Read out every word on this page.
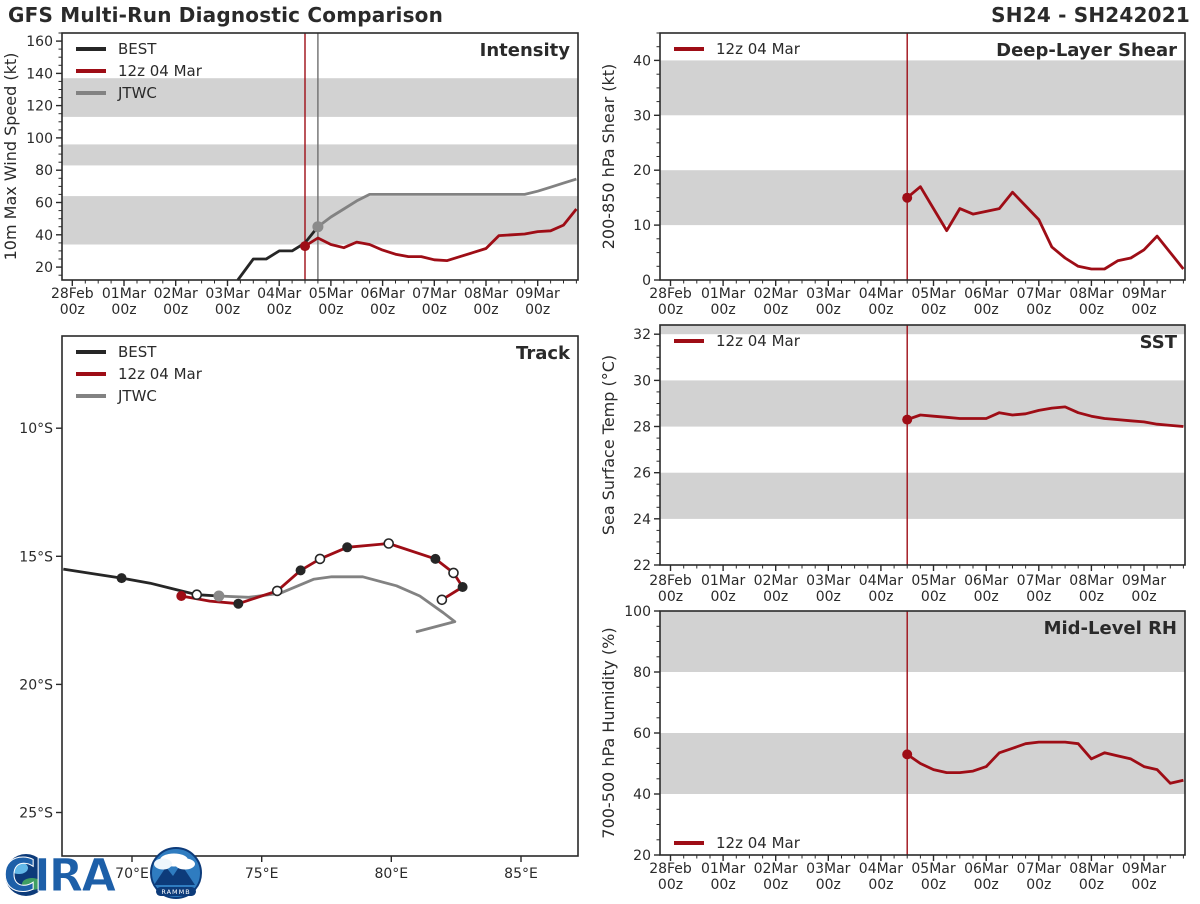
GFS Multi-Run Diagnostic Comparison	SH24 - SH242021
28Feb
00z
01Mar
00z
02Mar
00z
03Mar
00z
04Mar
00z
05Mar
00z
06Mar
00z
07Mar
00z
08Mar
00z
09Mar
00z
20
40
60
80
100
120
140
160	Intensity
10m Max Wind Speed (kt)
BEST
12z 04 Mar
JTWC
28Feb
00z
01Mar
00z
02Mar
00z
03Mar
00z
04Mar
00z
05Mar
00z
06Mar
00z
07Mar
00z
08Mar
00z
09Mar
00z
0
10
20
30
40
Deep-Layer Shear
200-850 hPa Shear (kt)
12z 04 Mar
28Feb
00z
01Mar
00z
02Mar
00z
03Mar
00z
04Mar
00z
05Mar
00z
06Mar
00z
07Mar
00z
08Mar
00z
09Mar
00z
22
24
26
28
30
32	SST
Sea Surface Temp (°C)
12z 04 Mar
28Feb
00z
01Mar
00z
02Mar
00z
03Mar
00z
04Mar
00z
05Mar
00z
06Mar
00z
07Mar
00z
08Mar
00z
09Mar
00z
20
40
60
80
100
Mid-Level RH
700-500 hPa Humidity (%)
12z 04 Mar
70°E	75°E	80°E	85°E
10°S
15°S
20°S
25°S
Track
BEST
12z 04 Mar
JTWC
CIRA	RAMMB
